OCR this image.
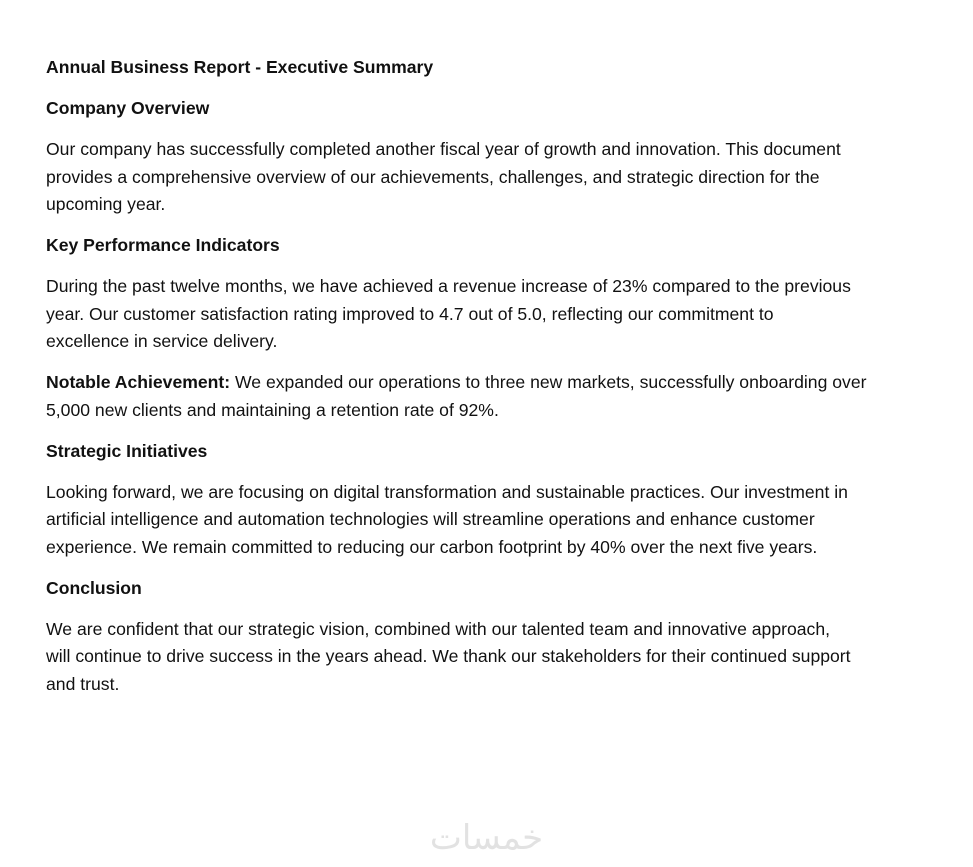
Annual Business Report - Executive Summary

Company Overview

Our company has successfully completed another fiscal year of growth and innovation. This document
provides a comprehensive overview of our achievements, challenges, and strategic direction for the
upcoming year.

Key Performance Indicators

During the past twelve months, we have achieved a revenue increase of 23% compared to the previous
year. Our customer satisfaction rating improved to 4.7 out of 5.0, reflecting our commitment to
excellence in service delivery.

Notable Achievement: We expanded our operations to three new markets, successfully onboarding over
5,000 new clients and maintaining a retention rate of 92%.

Strategic Initiatives

Looking forward, we are focusing on digital transformation and sustainable practices. Our investment in
artificial intelligence and automation technologies will streamline operations and enhance customer
experience. We remain committed to reducing our carbon footprint by 40% over the next five years.

Conclusion

We are confident that our strategic vision, combined with our talented team and innovative approach,
will continue to drive success in the years ahead. We thank our stakeholders for their continued support
and trust.

خمسات
